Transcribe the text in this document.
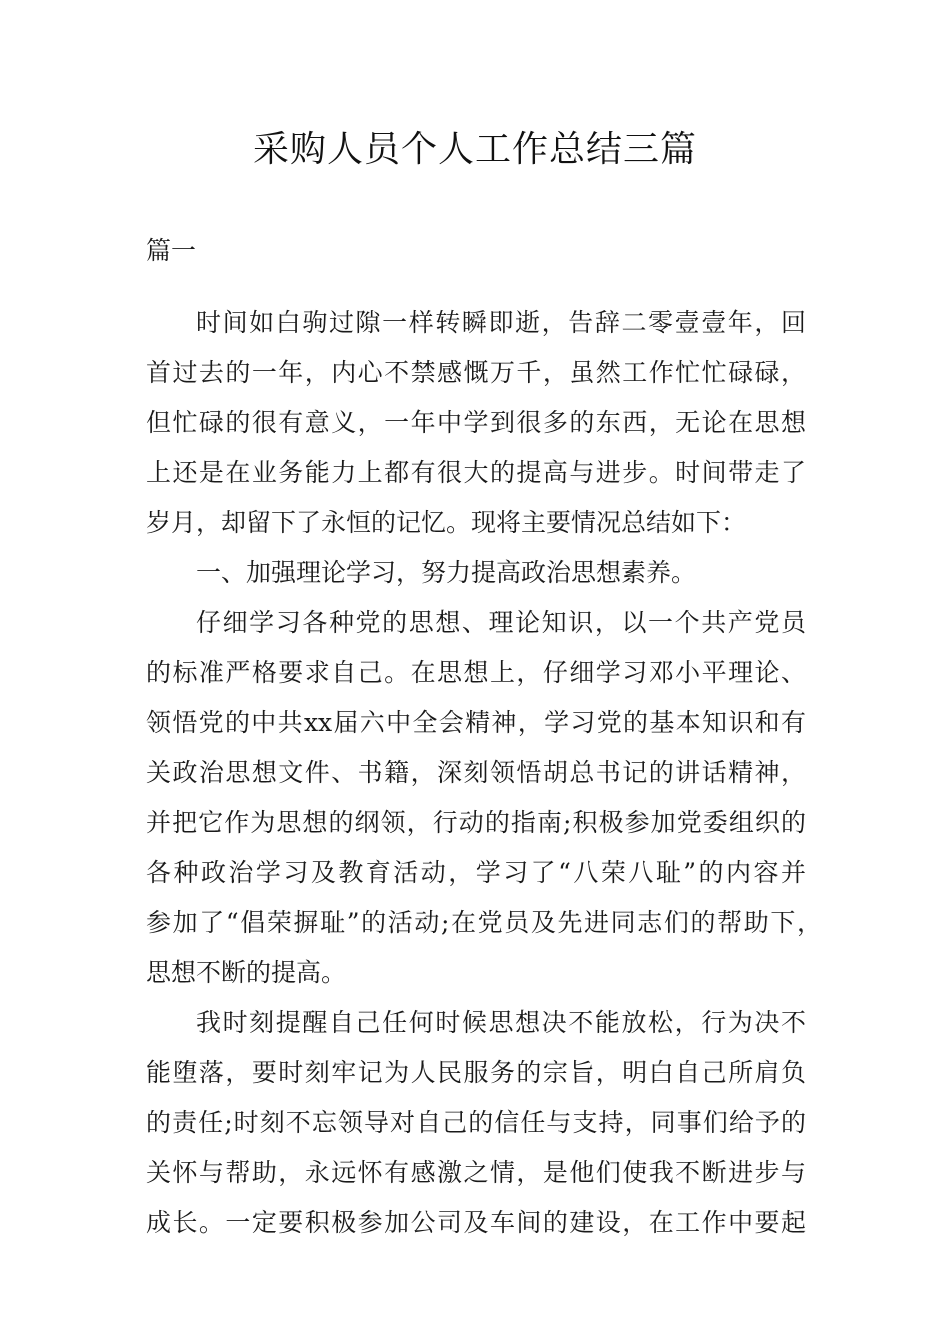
采购人员个人工作总结三篇
篇一
时间如白驹过隙一样转瞬即逝，告辞二零壹壹年，回
首过去的一年，内心不禁感慨万千，虽然工作忙忙碌碌，
但忙碌的很有意义，一年中学到很多的东西，无论在思想
上还是在业务能力上都有很大的提高与进步。时间带走了
岁月，却留下了永恒的记忆。现将主要情况总结如下：
一、加强理论学习，努力提高政治思想素养。
仔细学习各种党的思想、理论知识，以一个共产党员
的标准严格要求自己。在思想上，仔细学习邓小平理论、
领悟党的中共xx届六中全会精神，学习党的基本知识和有
关政治思想文件、书籍，深刻领悟胡总书记的讲话精神，
并把它作为思想的纲领，行动的指南;积极参加党委组织的
各种政治学习及教育活动，学习了“八荣八耻”的内容并
参加了“倡荣摒耻”的活动;在党员及先进同志们的帮助下，
思想不断的提高。
我时刻提醒自己任何时候思想决不能放松，行为决不
能堕落，要时刻牢记为人民服务的宗旨，明白自己所肩负
的责任;时刻不忘领导对自己的信任与支持，同事们给予的
关怀与帮助，永远怀有感激之情，是他们使我不断进步与
成长。一定要积极参加公司及车间的建设，在工作中要起
